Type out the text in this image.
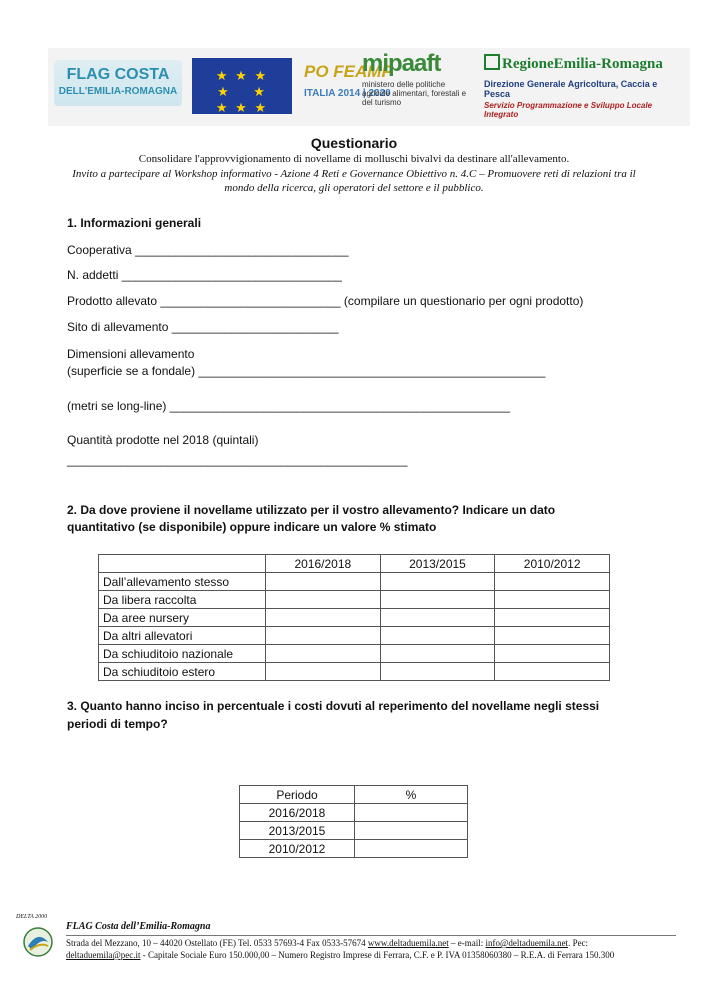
FLAG COSTA
DELL'EMILIA-ROMAGNA
★ ★ ★
★    ★
★ ★ ★
PO FEAMP
ITALIA 2014 | 2020
mipaaft
ministero delle politiche agricole alimentari, forestali e del turismo
RegioneEmilia-Romagna
Direzione Generale Agricoltura, Caccia e Pesca
Servizio Programmazione e Sviluppo Locale Integrato
Questionario
Consolidare l'approvvigionamento di novellame di molluschi bivalvi da destinare all'allevamento.
Invito a partecipare al Workshop informativo - Azione 4 Reti e Governance Obiettivo n. 4.C – Promuovere reti di relazioni tra il mondo della ricerca, gli operatori del settore e il pubblico.
1. Informazioni generali
Cooperativa ________________________________
N. addetti _________________________________
Prodotto allevato ___________________________ (compilare un questionario per ogni prodotto)
Sito di allevamento _________________________
Dimensioni allevamento
(superficie se a fondale) ____________________________________________________
(metri se long-line) ___________________________________________________
Quantità prodotte nel 2018 (quintali)
___________________________________________________
2. Da dove proviene il novellame utilizzato per il vostro allevamento? Indicare un dato
quantitativo (se disponibile) oppure indicare un valore % stimato
	2016/2018	2013/2015	2010/2012
Dall’allevamento stesso			
Da libera raccolta			
Da aree nursery			
Da altri allevatori			
Da schiuditoio nazionale			
Da schiuditoio estero			
3. Quanto hanno inciso in percentuale i costi dovuti al reperimento del novellame negli stessi
periodi di tempo?
Periodo	%
2016/2018	
2013/2015	
2010/2012	
DELTA 2000
FLAG Costa dell’Emilia-Romagna
Strada del Mezzano, 10 – 44020 Ostellato (FE) Tel. 0533 57693-4 Fax 0533-57674 www.deltaduemila.net – e-mail: info@deltaduemila.net. Pec:
deltaduemila@pec.it - Capitale Sociale Euro 150.000,00 – Numero Registro Imprese di Ferrara, C.F. e P. IVA 01358060380 – R.E.A. di Ferrara 150.300
